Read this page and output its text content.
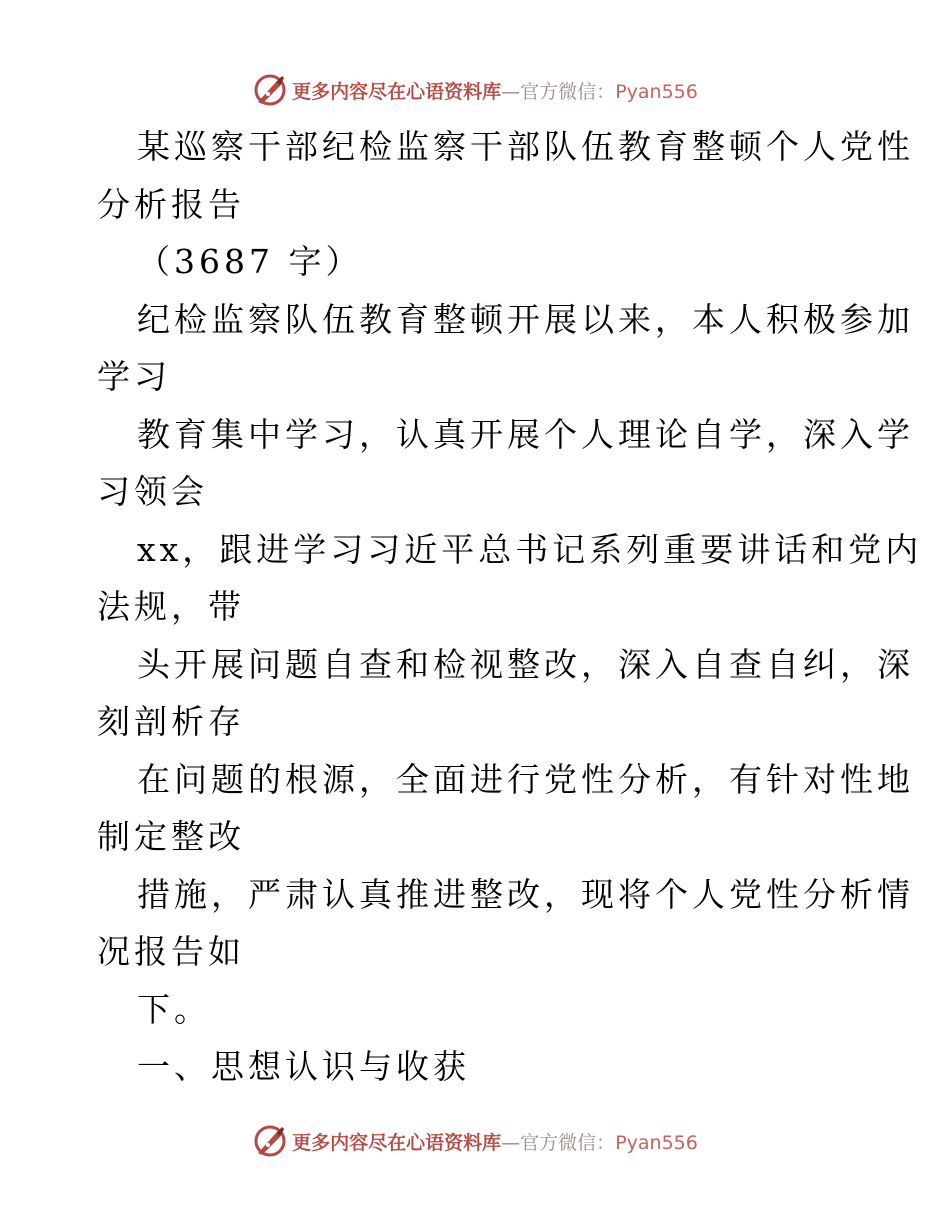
更多内容尽在心语资料库—官方微信：Pyan556
某巡察干部纪检监察干部队伍教育整顿个人党性
分析报告
（3687 字）
纪检监察队伍教育整顿开展以来，本人积极参加
学习
教育集中学习，认真开展个人理论自学，深入学
习领会
xx，跟进学习习近平总书记系列重要讲话和党内
法规，带
头开展问题自查和检视整改，深入自查自纠，深
刻剖析存
在问题的根源，全面进行党性分析，有针对性地
制定整改
措施，严肃认真推进整改，现将个人党性分析情
况报告如
下。
一、思想认识与收获
更多内容尽在心语资料库—官方微信：Pyan556
